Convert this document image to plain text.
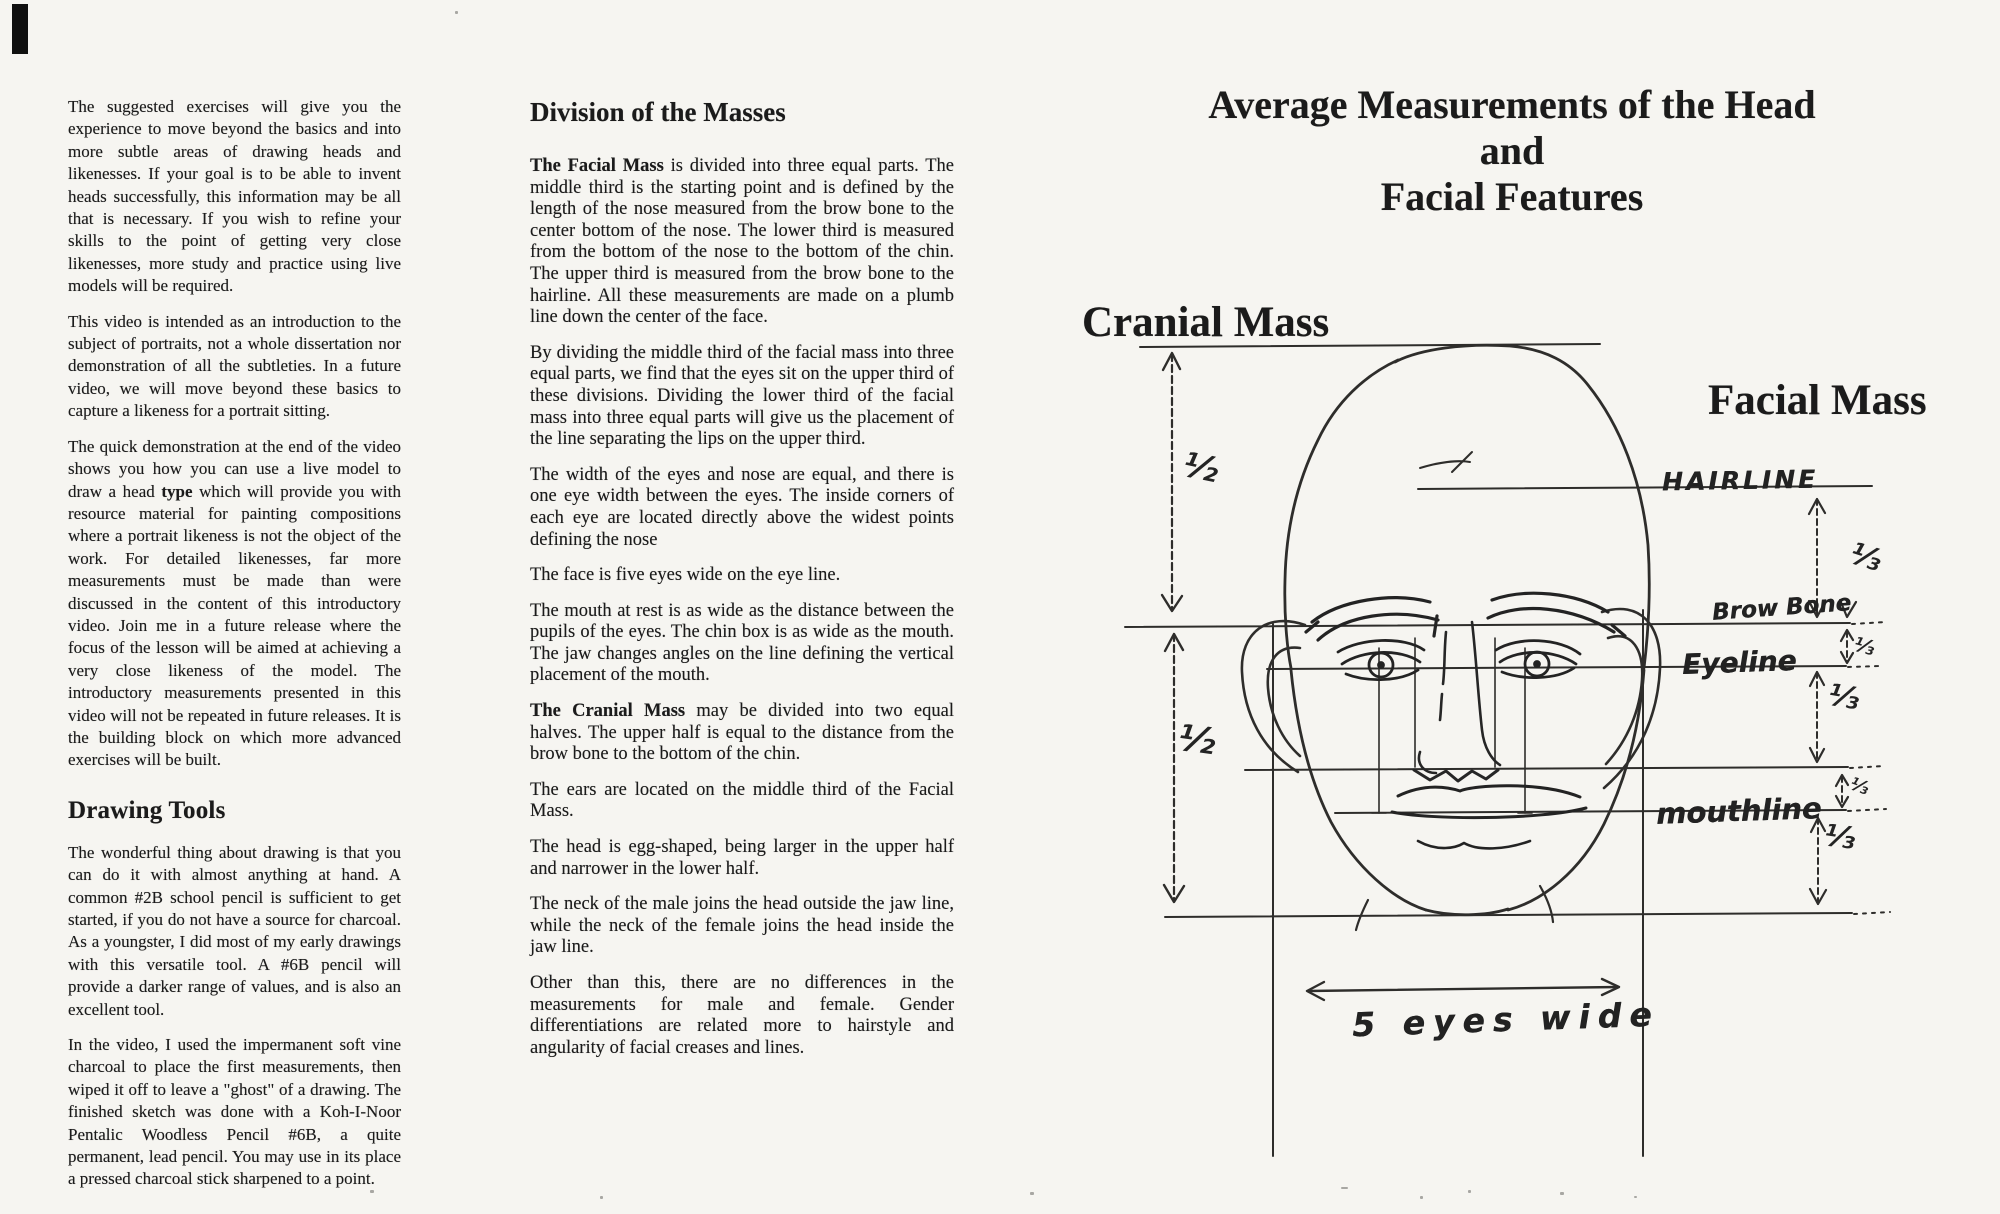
The suggested exercises will give you the experience to move beyond the basics and into more subtle areas of drawing heads and likenesses. If your goal is to be able to invent heads successfully, this information may be all that is necessary. If you wish to refine your skills to the point of getting very close likenesses, more study and practice using live models will be required.

This video is intended as an introduction to the subject of portraits, not a whole dissertation nor demonstration of all the subtleties. In a future video, we will move beyond these basics to capture a likeness for a portrait sitting.

The quick demonstration at the end of the video shows you how you can use a live model to draw a head type which will provide you with resource material for painting compositions where a portrait likeness is not the object of the work. For detailed likenesses, far more measurements must be made than were discussed in the content of this introductory video. Join me in a future release where the focus of the lesson will be aimed at achieving a very close likeness of the model. The introductory measurements presented in this video will not be repeated in future releases. It is the building block on which more advanced exercises will be built.

Drawing Tools

The wonderful thing about drawing is that you can do it with almost anything at hand. A common #2B school pencil is sufficient to get started, if you do not have a source for charcoal. As a youngster, I did most of my early drawings with this versatile tool. A #6B pencil will provide a darker range of values, and is also an excellent tool.

In the video, I used the impermanent soft vine charcoal to place the first measurements, then wiped it off to leave a "ghost" of a drawing. The finished sketch was done with a Koh-I-Noor Pentalic Woodless Pencil #6B, a quite permanent, lead pencil. You may use in its place a pressed charcoal stick sharpened to a point.

Division of the Masses

The Facial Mass is divided into three equal parts. The middle third is the starting point and is defined by the length of the nose measured from the brow bone to the center bottom of the nose. The lower third is measured from the bottom of the nose to the bottom of the chin. The upper third is measured from the brow bone to the hairline. All these measurements are made on a plumb line down the center of the face.

By dividing the middle third of the facial mass into three equal parts, we find that the eyes sit on the upper third of these divisions. Dividing the lower third of the facial mass into three equal parts will give us the placement of the line separating the lips on the upper third.

The width of the eyes and nose are equal, and there is one eye width between the eyes. The inside corners of each eye are located directly above the widest points defining the nose

The face is five eyes wide on the eye line.

The mouth at rest is as wide as the distance between the pupils of the eyes. The chin box is as wide as the mouth. The jaw changes angles on the line defining the vertical placement of the mouth.

The Cranial Mass may be divided into two equal halves. The upper half is equal to the distance from the brow bone to the bottom of the chin.

The ears are located on the middle third of the Facial Mass.

The head is egg-shaped, being larger in the upper half and narrower in the lower half.

The neck of the male joins the head outside the jaw line, while the neck of the female joins the head inside the jaw line.

Other than this, there are no differences in the measurements for male and female. Gender differentiations are related more to hairstyle and angularity of facial creases and lines.

Average Measurements of the Head
and
Facial Features
Cranial Mass
Facial Mass
HAIRLINE
Brow Bone
Eyeline
mouthline
5 eyes wide
½
½
⅓
⅓
⅓
⅓
⅓
